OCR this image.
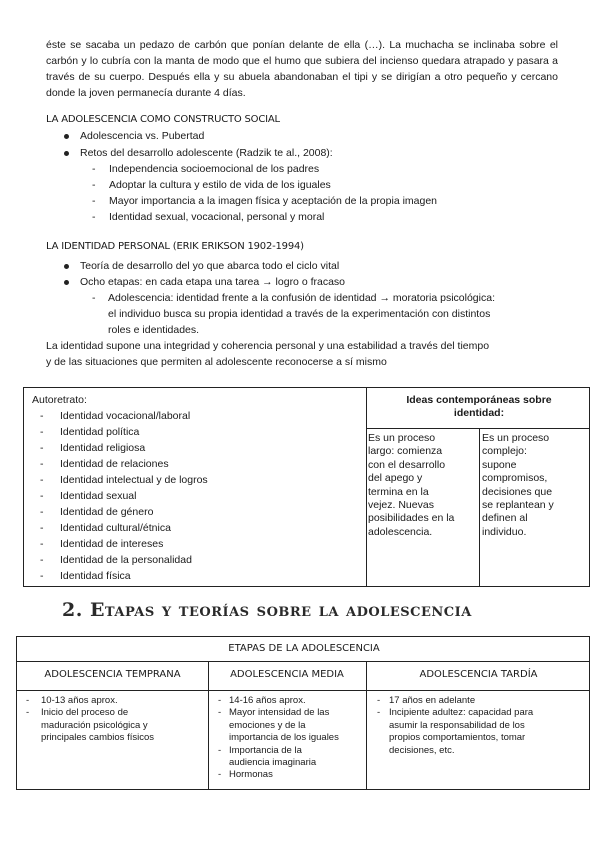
éste se sacaba un pedazo de carbón que ponían delante de ella (…). La muchacha se inclinaba sobre el carbón y lo cubría con la manta de modo que el humo que subiera del incienso quedara atrapado y pasara a través de su cuerpo. Después ella y su abuela abandonaban el tipi y se dirigían a otro pequeño y cercano donde la joven permanecía durante 4 días.

LA ADOLESCENCIA COMO CONSTRUCTO SOCIAL
Adolescencia vs. Pubertad
Retos del desarrollo adolescente (Radzik te al., 2008):
- Independencia socioemocional de los padres
- Adoptar la cultura y estilo de vida de los iguales
- Mayor importancia a la imagen física y aceptación de la propia imagen
- Identidad sexual, vocacional, personal y moral
LA IDENTIDAD PERSONAL (ERIK ERIKSON 1902-1994)
Teoría de desarrollo del yo que abarca todo el ciclo vital
Ocho etapas: en cada etapa una tarea → logro o fracaso
- Adolescencia: identidad frente a la confusión de identidad → moratoria psicológica:
el individuo busca su propia identidad a través de la experimentación con distintos
roles e identidades.
La identidad supone una integridad y coherencia personal y una estabilidad a través del tiempo
y de las situaciones que permiten al adolescente reconocerse a sí mismo
Autoretrato:
- Identidad vocacional/laboral
- Identidad política
- Identidad religiosa
- Identidad de relaciones
- Identidad intelectual y de logros
- Identidad sexual
- Identidad de género
- Identidad cultural/étnica
- Identidad de intereses
- Identidad de la personalidad
- Identidad física
Ideas contemporáneas sobre
identidad:
Es un proceso
largo: comienza
con el desarrollo
del apego y
termina en la
vejez. Nuevas
posibilidades en la
adolescencia.
Es un proceso
complejo:
supone
compromisos,
decisiones que
se replantean y
definen al
individuo.
2. Etapas y teorías sobre la adolescencia
ETAPAS DE LA ADOLESCENCIA
ADOLESCENCIA TEMPRANA	ADOLESCENCIA MEDIA	ADOLESCENCIA TARDÍA
- 10-13 años aprox.
- Inicio del proceso de
maduración psicológica y
principales cambios físicos
- 14-16 años aprox.
- Mayor intensidad de las
emociones y de la
importancia de los iguales
- Importancia de la
audiencia imaginaria
- Hormonas
- 17 años en adelante
- Incipiente adultez: capacidad para
asumir la responsabilidad de los
propios comportamientos, tomar
decisiones, etc.
